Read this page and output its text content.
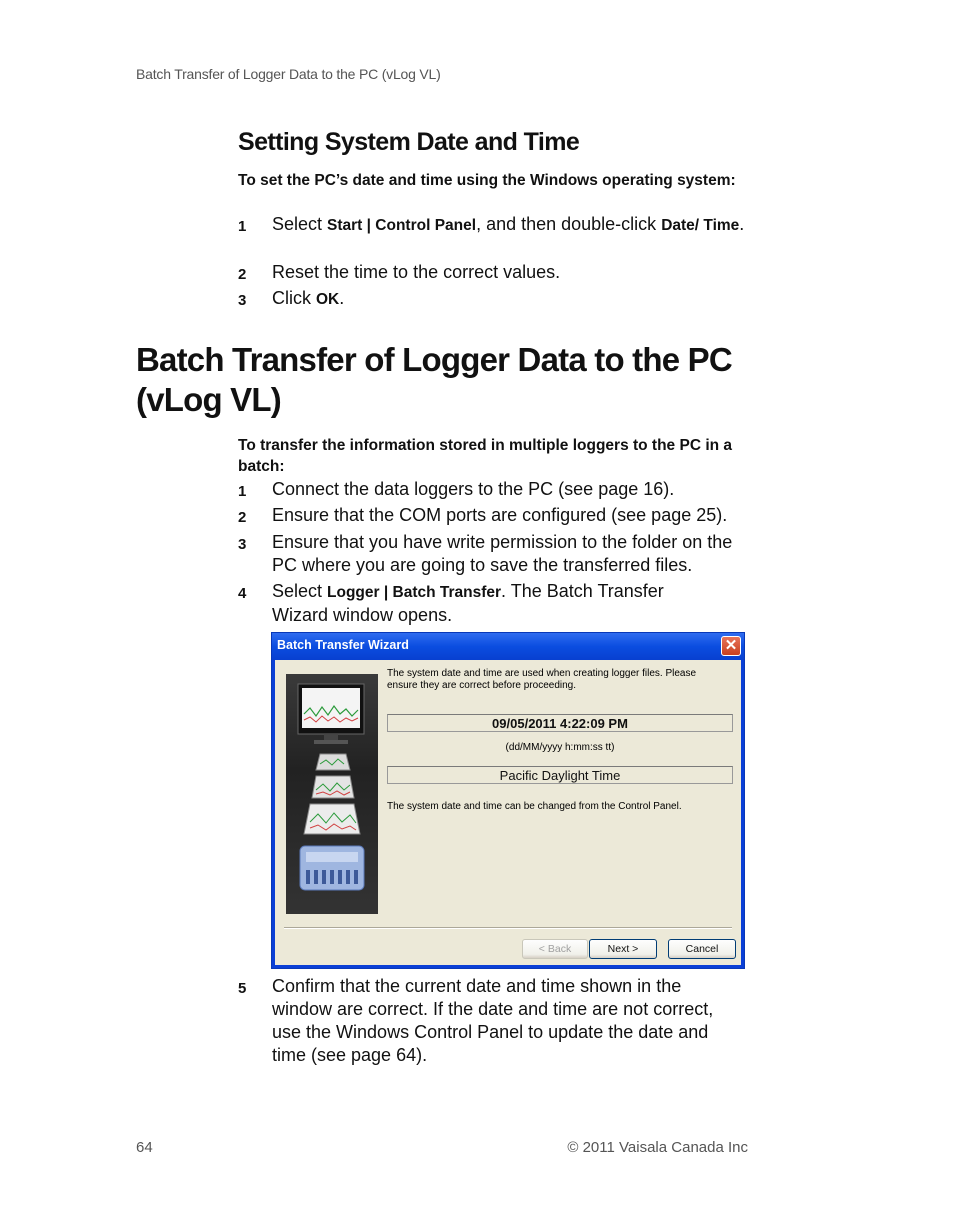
Batch Transfer of Logger Data to the PC (vLog VL)
Setting System Date and Time
To set the PC’s date and time using the Windows operating system:
1 Select Start | Control Panel, and then double-click Date/ Time.
2 Reset the time to the correct values.
3 Click OK.
Batch Transfer of Logger Data to the PC (vLog VL)
To transfer the information stored in multiple loggers to the PC in a batch:
1 Connect the data loggers to the PC (see page 16).
2 Ensure that the COM ports are configured (see page 25).
3 Ensure that you have write permission to the folder on the PC where you are going to save the transferred files.
4 Select Logger | Batch Transfer. The Batch Transfer Wizard window opens.
Batch Transfer Wizard	✕
The system date and time are used when creating logger files. Please ensure they are correct before proceeding.
09/05/2011 4:22:09 PM
(dd/MM/yyyy h:mm:ss tt)
Pacific Daylight Time
The system date and time can be changed from the Control Panel.
< Back	Next >	Cancel
5 Confirm that the current date and time shown in the window are correct. If the date and time are not correct, use the Windows Control Panel to update the date and time (see page 64).
64	© 2011 Vaisala Canada Inc
